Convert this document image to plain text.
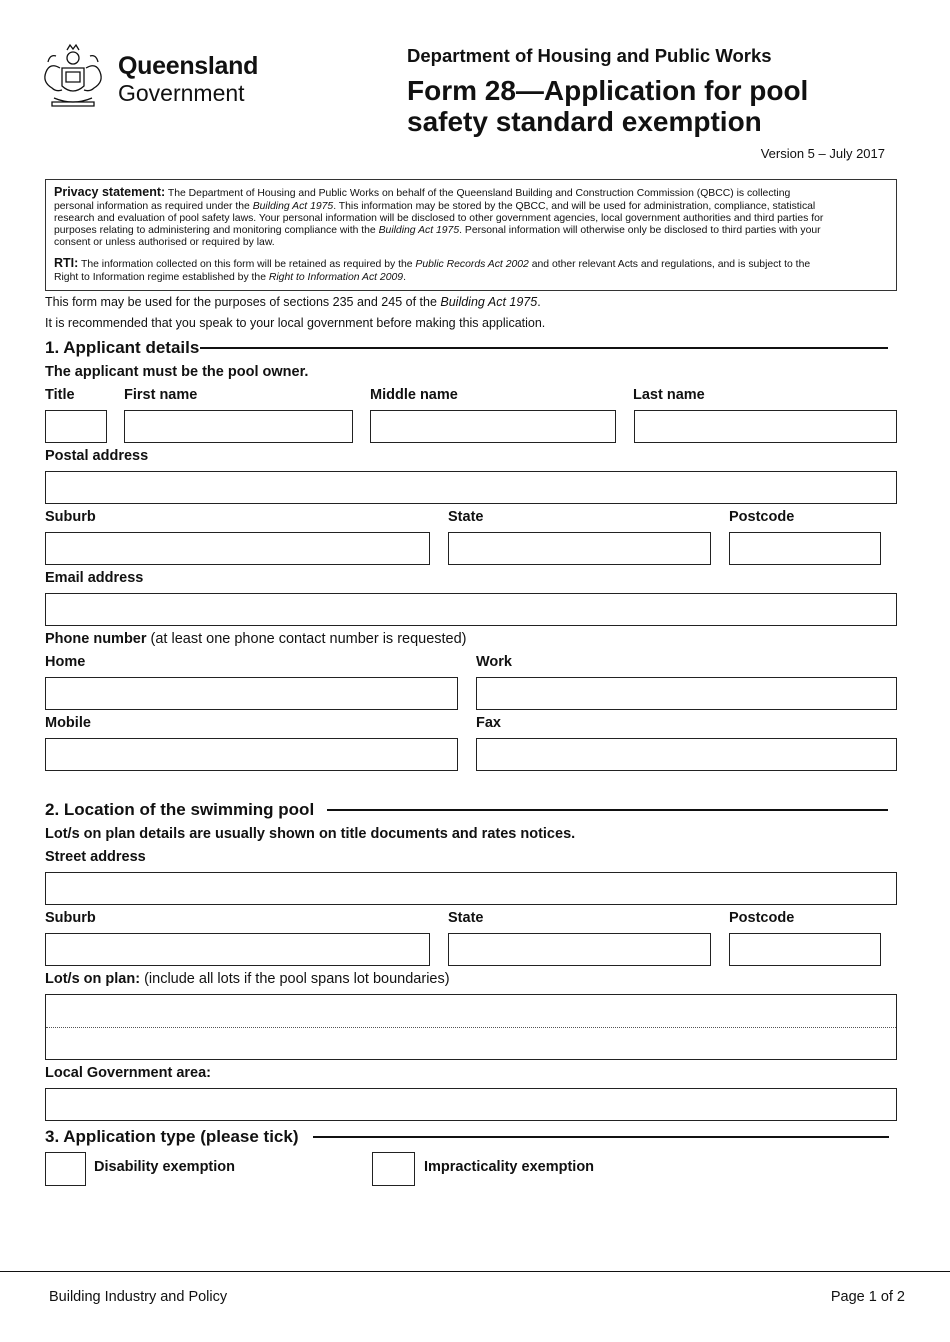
Queensland
Government
Department of Housing and Public Works
Form 28—Application for pool
safety standard exemption
Version 5 – July 2017
Privacy statement: The Department of Housing and Public Works on behalf of the Queensland Building and Construction Commission (QBCC) is collecting
personal information as required under the Building Act 1975. This information may be stored by the QBCC, and will be used for administration, compliance, statistical
research and evaluation of pool safety laws. Your personal information will be disclosed to other government agencies, local government authorities and third parties for
purposes relating to administering and monitoring compliance with the Building Act 1975. Personal information will otherwise only be disclosed to third parties with your
consent or unless authorised or required by law.
RTI: The information collected on this form will be retained as required by the Public Records Act 2002 and other relevant Acts and regulations, and is subject to the
Right to Information regime established by the Right to Information Act 2009.
This form may be used for the purposes of sections 235 and 245 of the Building Act 1975.
It is recommended that you speak to your local government before making this application.
1. Applicant details
The applicant must be the pool owner.
Title	First name	Middle name	Last name
Postal address
Suburb	State	Postcode
Email address
Phone number (at least one phone contact number is requested)
Home	Work
Mobile	Fax
2. Location of the swimming pool
Lot/s on plan details are usually shown on title documents and rates notices.
Street address
Suburb	State	Postcode
Lot/s on plan: (include all lots if the pool spans lot boundaries)
Local Government area:
3. Application type (please tick)
Disability exemption	Impracticality exemption
Building Industry and Policy	Page 1 of 2
